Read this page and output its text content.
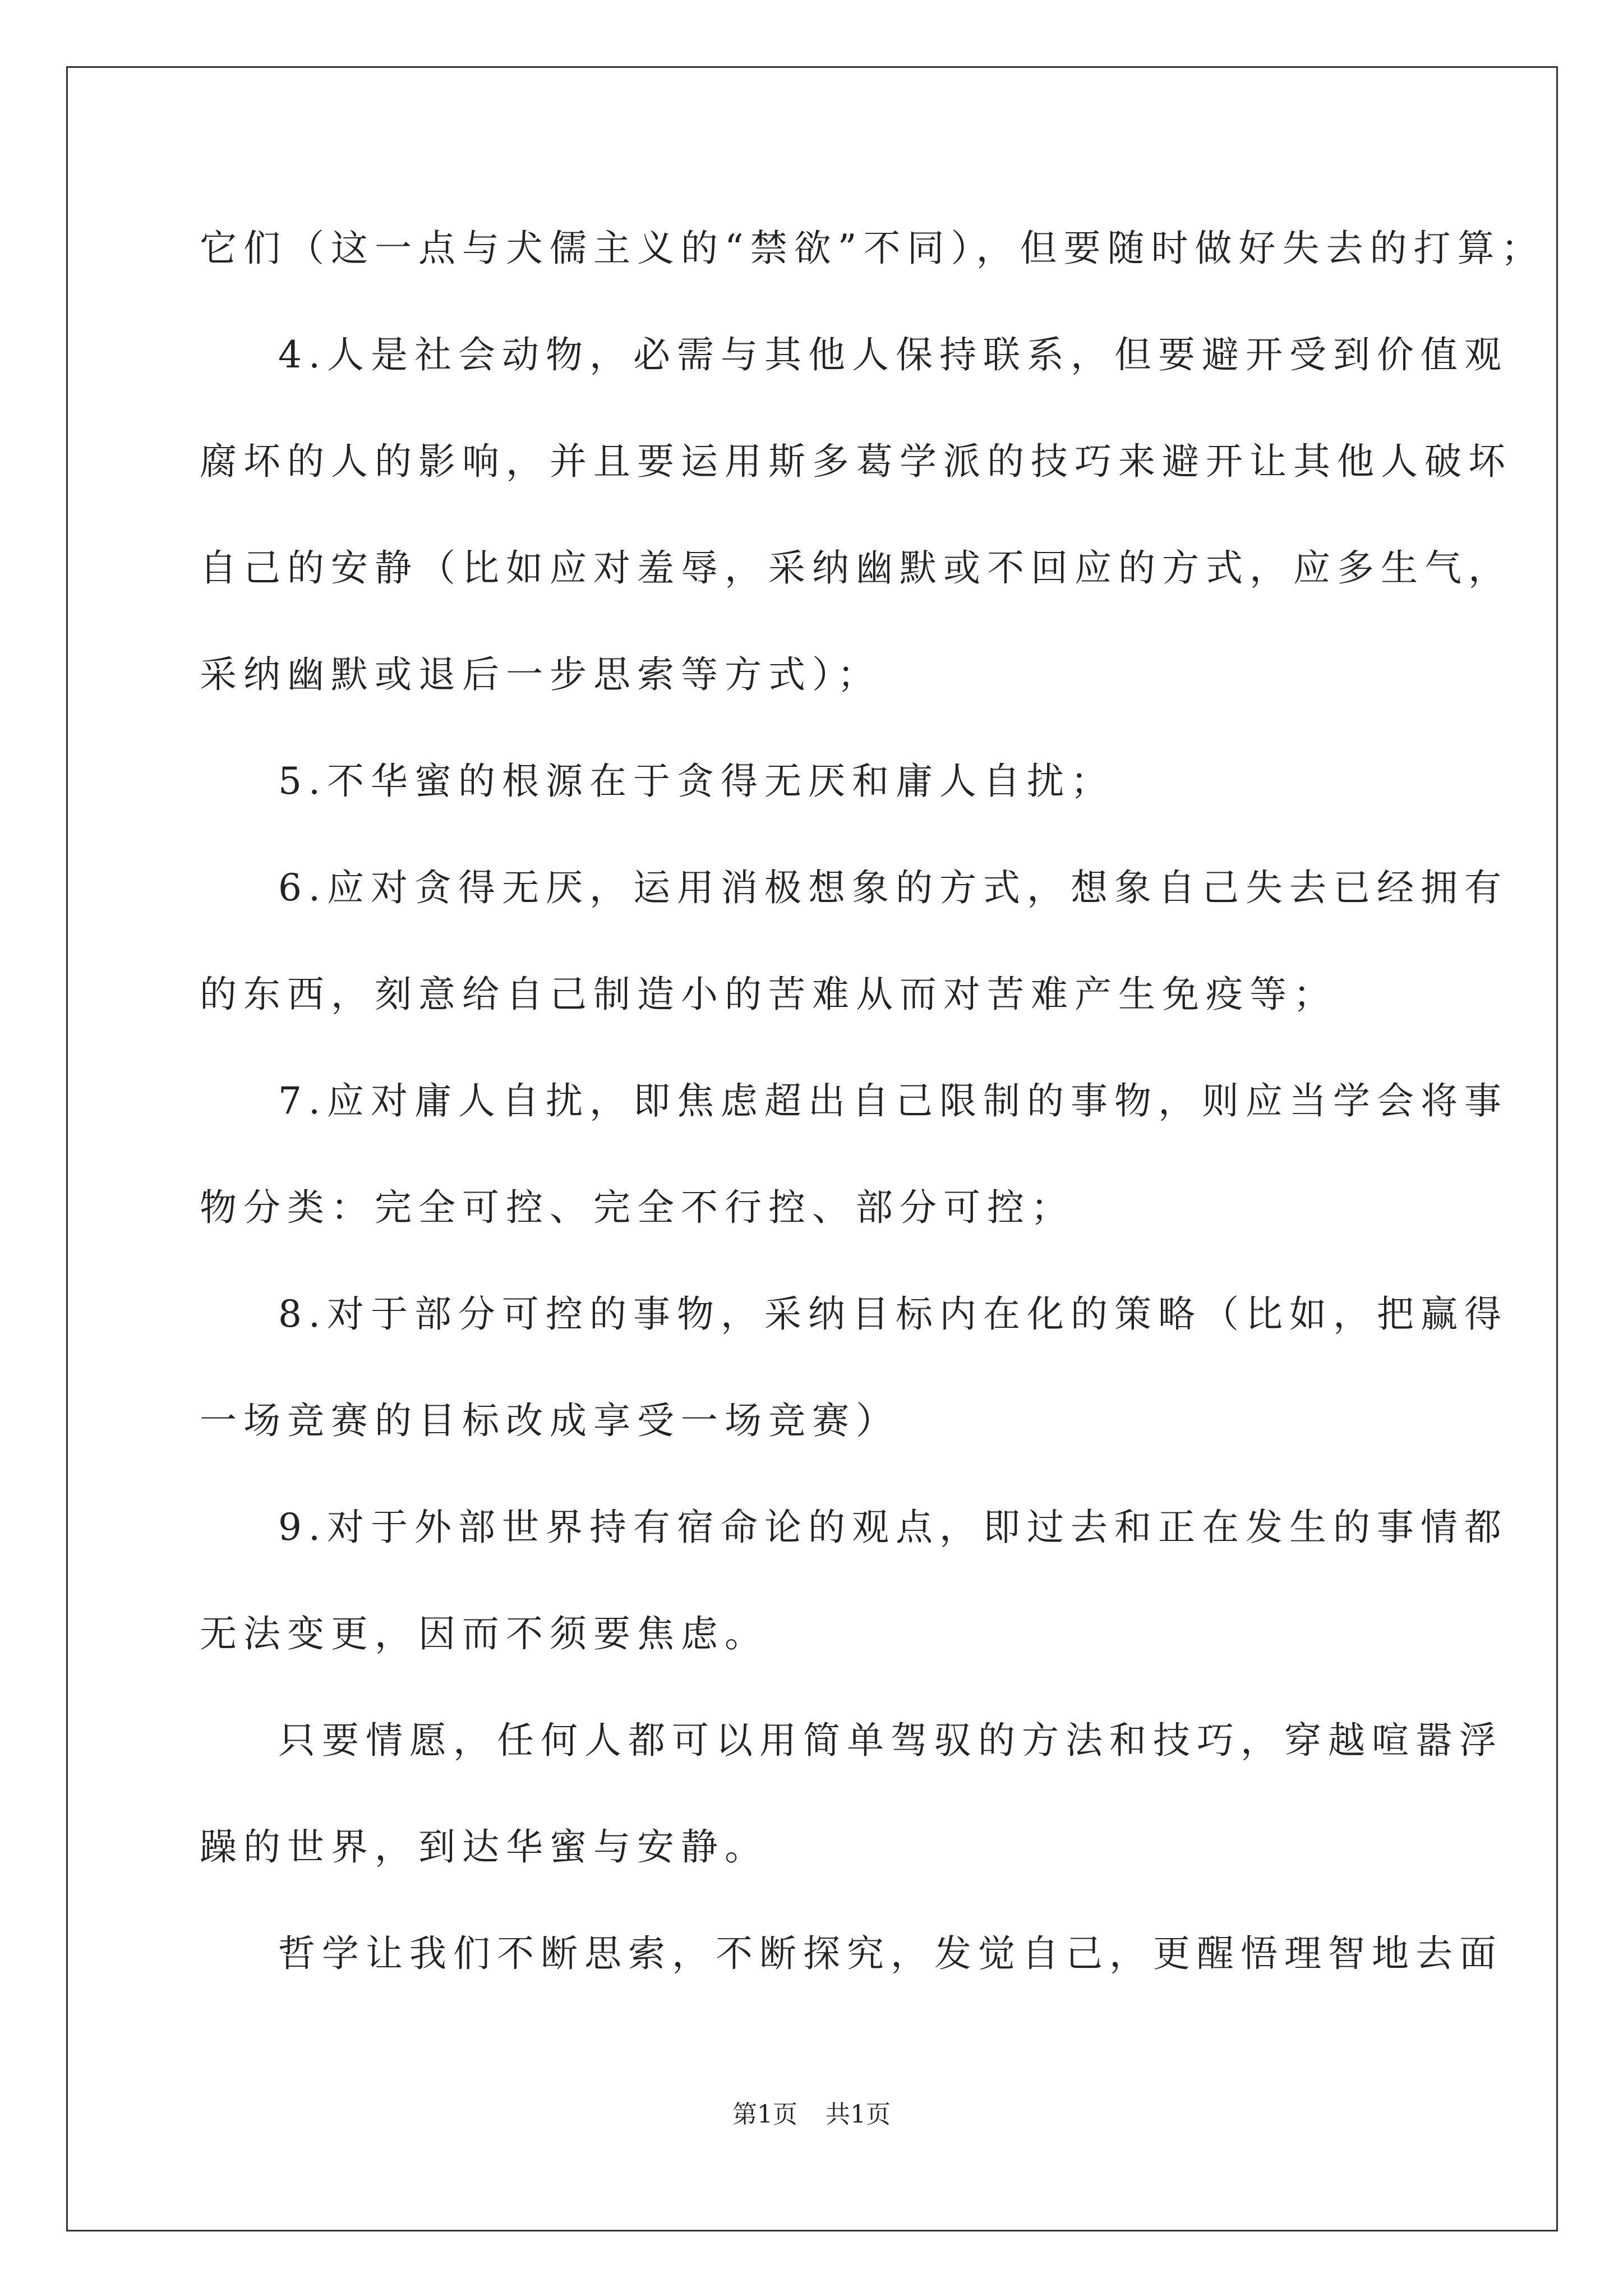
它们（这一点与犬儒主义的“禁欲”不同），但要随时做好失去的打算；
4.人是社会动物，必需与其他人保持联系，但要避开受到价值观
腐坏的人的影响，并且要运用斯多葛学派的技巧来避开让其他人破坏
自己的安静（比如应对羞辱，采纳幽默或不回应的方式，应多生气，
采纳幽默或退后一步思索等方式）；
5.不华蜜的根源在于贪得无厌和庸人自扰；
6.应对贪得无厌，运用消极想象的方式，想象自己失去已经拥有
的东西，刻意给自己制造小的苦难从而对苦难产生免疫等；
7.应对庸人自扰，即焦虑超出自己限制的事物，则应当学会将事
物分类：完全可控、完全不行控、部分可控；
8.对于部分可控的事物，采纳目标内在化的策略（比如，把赢得
一场竞赛的目标改成享受一场竞赛）
9.对于外部世界持有宿命论的观点，即过去和正在发生的事情都
无法变更，因而不须要焦虑。
只要情愿，任何人都可以用简单驾驭的方法和技巧，穿越喧嚣浮
躁的世界，到达华蜜与安静。
哲学让我们不断思索，不断探究，发觉自己，更醒悟理智地去面
第1页 共1页
